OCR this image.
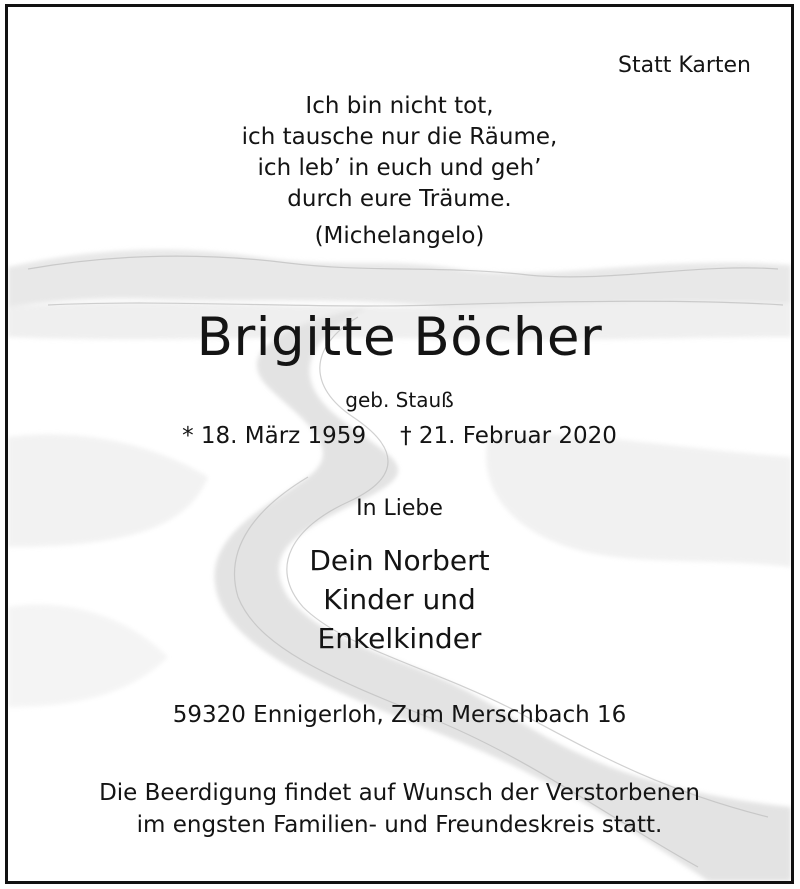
Statt Karten

Ich bin nicht tot,
ich tausche nur die Räume,
ich leb’ in euch und geh’
durch eure Träume.

(Michelangelo)

Brigitte Böcher

geb. Stauß

* 18. März 1959 † 21. Februar 2020

In Liebe

Dein Norbert
Kinder und
Enkelkinder

59320 Ennigerloh, Zum Merschbach 16

Die Beerdigung findet auf Wunsch der Verstorbenen
im engsten Familien- und Freundeskreis statt.
